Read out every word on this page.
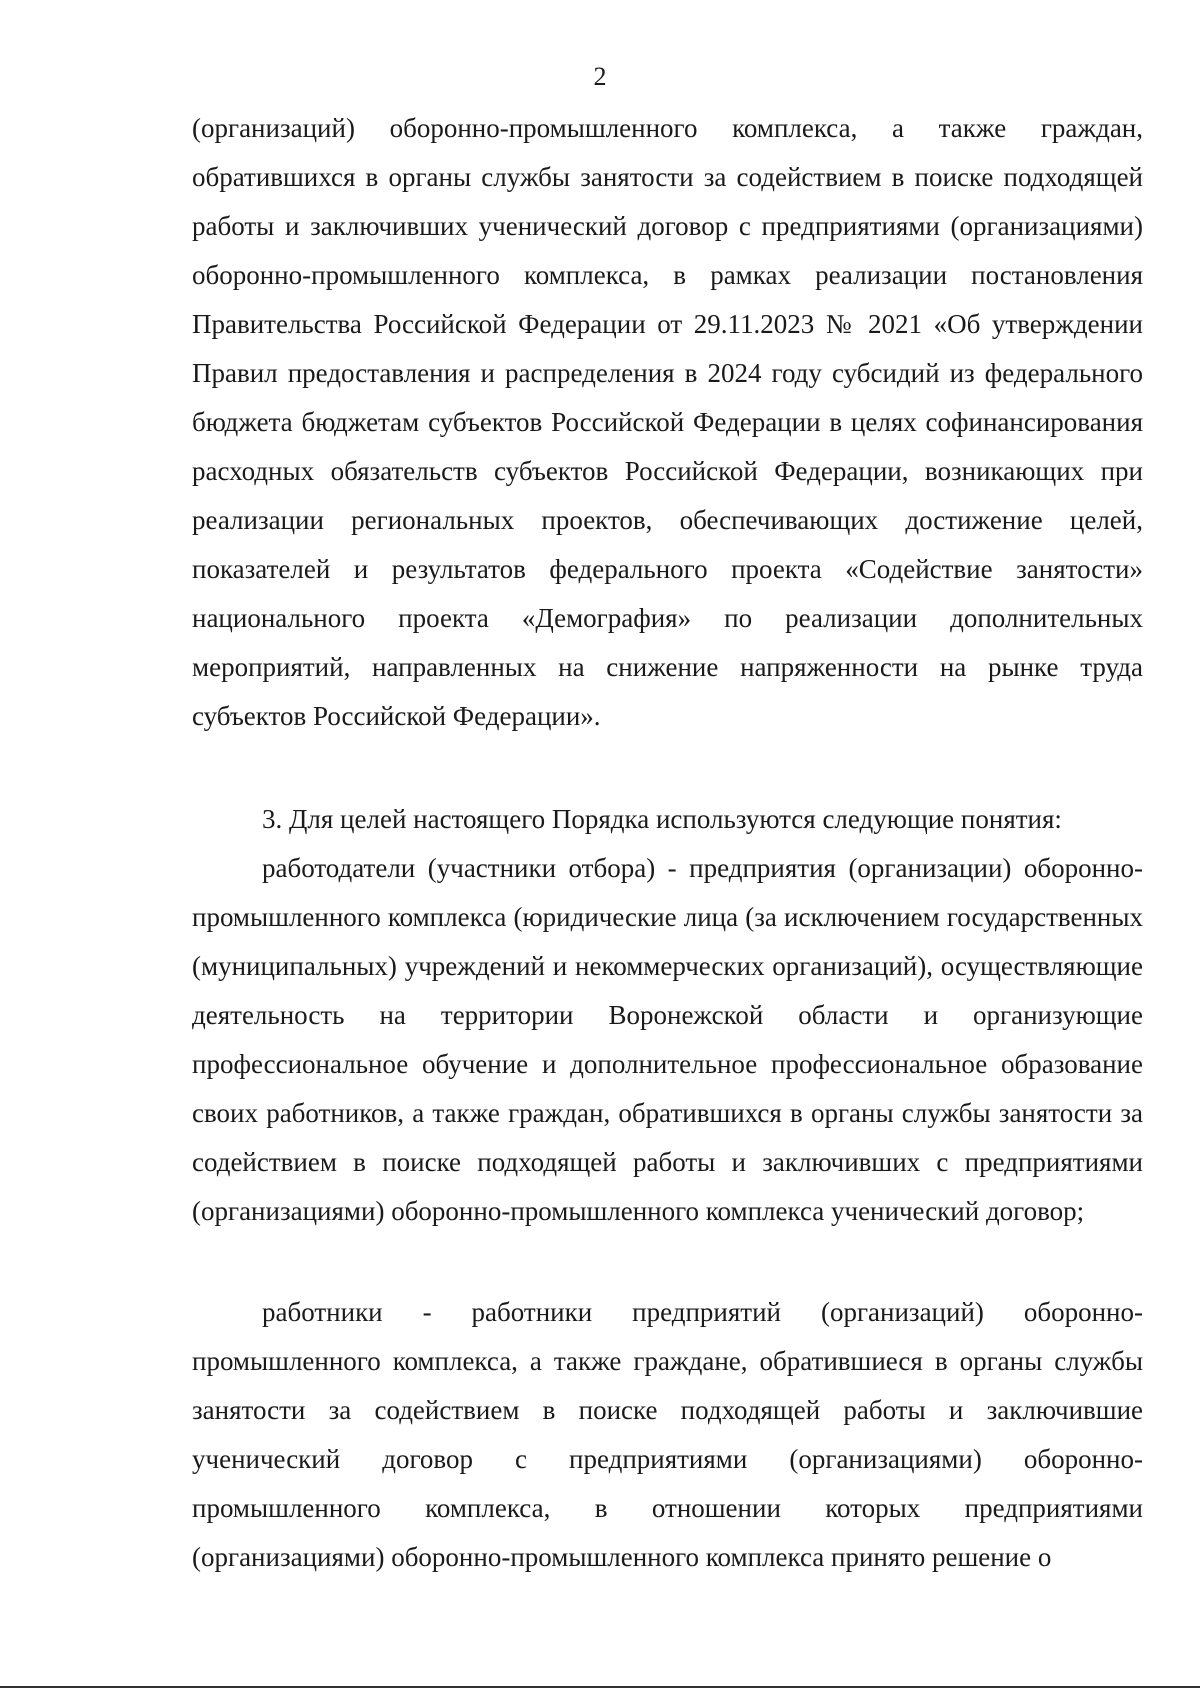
2

(организаций) оборонно-промышленного комплекса, а также граждан, обратившихся в органы службы занятости за содействием в поиске подходящей работы и заключивших ученический договор с предприятиями (организациями) оборонно-промышленного комплекса, в рамках реализации постановления Правительства Российской Федерации от 29.11.2023 № 2021 «Об утверждении Правил предоставления и распределения в 2024 году субсидий из федерального бюджета бюджетам субъектов Российской Федерации в целях софинансирования расходных обязательств субъектов Российской Федерации, возникающих при реализации региональных проектов, обеспечивающих достижение целей, показателей и результатов федерального проекта «Содействие занятости» национального проекта «Демография» по реализации дополнительных мероприятий, направленных на снижение напряженности на рынке труда субъектов Российской Федерации».

3. Для целей настоящего Порядка используются следующие понятия:

работодатели (участники отбора) - предприятия (организации) оборонно-промышленного комплекса (юридические лица (за исключением государственных (муниципальных) учреждений и некоммерческих организаций), осуществляющие деятельность на территории Воронежской области и организующие профессиональное обучение и дополнительное профессиональное образование своих работников, а также граждан, обратившихся в органы службы занятости за содействием в поиске подходящей работы и заключивших с предприятиями (организациями) оборонно-промышленного комплекса ученический договор;

работники - работники предприятий (организаций) оборонно-промышленного комплекса, а также граждане, обратившиеся в органы службы занятости за содействием в поиске подходящей работы и заключившие ученический договор с предприятиями (организациями) оборонно-промышленного комплекса, в отношении которых предприятиями (организациями) оборонно-промышленного комплекса принято решение о
